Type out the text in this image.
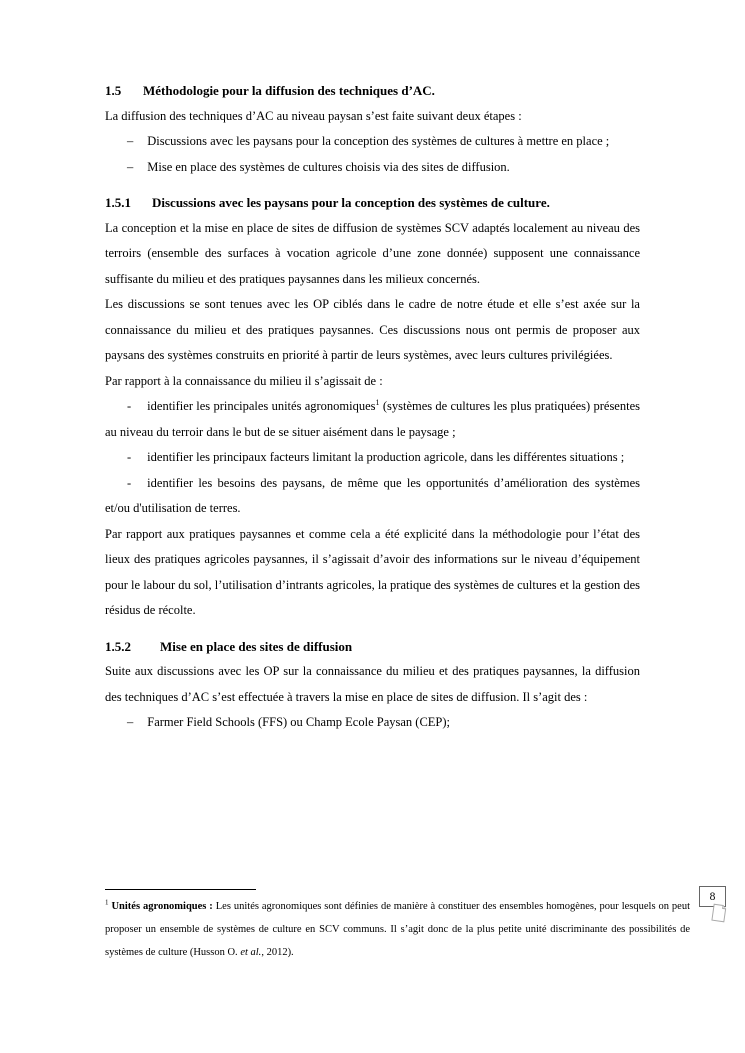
1.5 Méthodologie pour la diffusion des techniques d’AC.

La diffusion des techniques d’AC au niveau paysan s’est faite suivant deux étapes :

– Discussions avec les paysans pour la conception des systèmes de cultures à mettre en place ;

– Mise en place des systèmes de cultures choisis via des sites de diffusion.

1.5.1 Discussions avec les paysans pour la conception des systèmes de culture.

La conception et la mise en place de sites de diffusion de systèmes SCV adaptés localement au niveau des terroirs (ensemble des surfaces à vocation agricole d’une zone donnée) supposent une connaissance suffisante du milieu et des pratiques paysannes dans les milieux concernés.

Les discussions se sont tenues avec les OP ciblés dans le cadre de notre étude et elle s’est axée sur la connaissance du milieu et des pratiques paysannes. Ces discussions nous ont permis de proposer aux paysans des systèmes construits en priorité à partir de leurs systèmes, avec leurs cultures privilégiées.

Par rapport à la connaissance du milieu il s’agissait de :

- identifier les principales unités agronomiques$^1$ (systèmes de cultures les plus pratiquées) présentes au niveau du terroir dans le but de se situer aisément dans le paysage ;

- identifier les principaux facteurs limitant la production agricole, dans les différentes situations ;

- identifier les besoins des paysans, de même que les opportunités d’amélioration des systèmes et/ou d'utilisation de terres.

Par rapport aux pratiques paysannes et comme cela a été explicité dans la méthodologie pour l’état des lieux des pratiques agricoles paysannes, il s’agissait d’avoir des informations sur le niveau d’équipement pour le labour du sol, l’utilisation d’intrants agricoles, la pratique des systèmes de cultures et la gestion des résidus de récolte.

1.5.2 Mise en place des sites de diffusion

Suite aux discussions avec les OP sur la connaissance du milieu et des pratiques paysannes, la diffusion des techniques d’AC s’est effectuée à travers la mise en place de sites de diffusion. Il s’agit des :

– Farmer Field Schools (FFS) ou Champ Ecole Paysan (CEP);

$^1$ Unités agronomiques : Les unités agronomiques sont définies de manière à constituer des ensembles homogènes, pour lesquels on peut proposer un ensemble de systèmes de culture en SCV communs. Il s’agit donc de la plus petite unité discriminante des possibilités de systèmes de culture (Husson O. et al., 2012).

8
